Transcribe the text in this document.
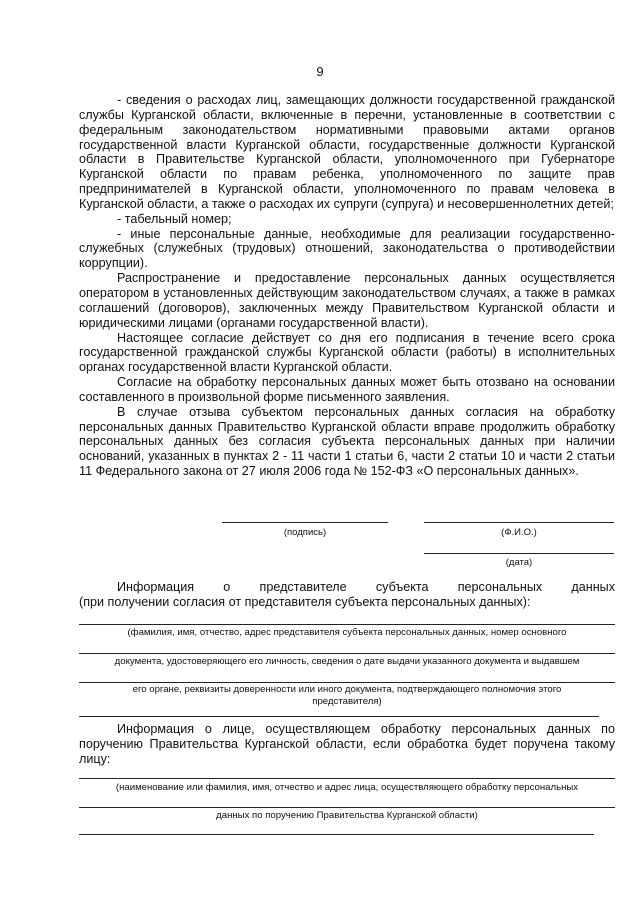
9

- сведения о расходах лиц, замещающих должности государственной гражданской службы Курганской области, включенные в перечни, установленные в соответствии с федеральным законодательством нормативными правовыми актами органов государственной власти Курганской области, государственные должности Курганской области в Правительстве Курганской области, уполномоченного при Губернаторе Курганской области по правам ребенка, уполномоченного по защите прав предпринимателей в Курганской области, уполномоченного по правам человека в Курганской области, а также о расходах их супруги (супруга) и несовершеннолетних детей;

- табельный номер;

- иные персональные данные, необходимые для реализации государственно-служебных (служебных (трудовых) отношений, законодательства о противодействии коррупции).

Распространение и предоставление персональных данных осуществляется оператором в установленных действующим законодательством случаях, а также в рамках соглашений (договоров), заключенных между Правительством Курганской области и юридическими лицами (органами государственной власти).

Настоящее согласие действует со дня его подписания в течение всего срока государственной гражданской службы Курганской области (работы) в исполнительных органах государственной власти Курганской области.

Согласие на обработку персональных данных может быть отозвано на основании составленного в произвольной форме письменного заявления.

В случае отзыва субъектом персональных данных согласия на обработку персональных данных Правительство Курганской области вправе продолжить обработку персональных данных без согласия субъекта персональных данных при наличии оснований, указанных в пунктах 2 - 11 части 1 статьи 6, части 2 статьи 10 и части 2 статьи 11 Федерального закона от 27 июля 2006 года № 152-ФЗ «О персональных данных».

(подпись)	(Ф.И.О.)
(дата)

Информация о представителе субъекта персональных данных

(при получении согласия от представителя субъекта персональных данных):

(фамилия, имя, отчество, адрес представителя субъекта персональных данных, номер основного
документа, удостоверяющего его личность, сведения о дате выдачи указанного документа и выдавшем
его органе, реквизиты доверенности или иного документа, подтверждающего полномочия этого
представителя)

Информация о лице, осуществляющем обработку персональных данных по поручению Правительства Курганской области, если обработка будет поручена такому лицу:

(наименование или фамилия, имя, отчество и адрес лица, осуществляющего обработку персональных
данных по поручению Правительства Курганской области)
